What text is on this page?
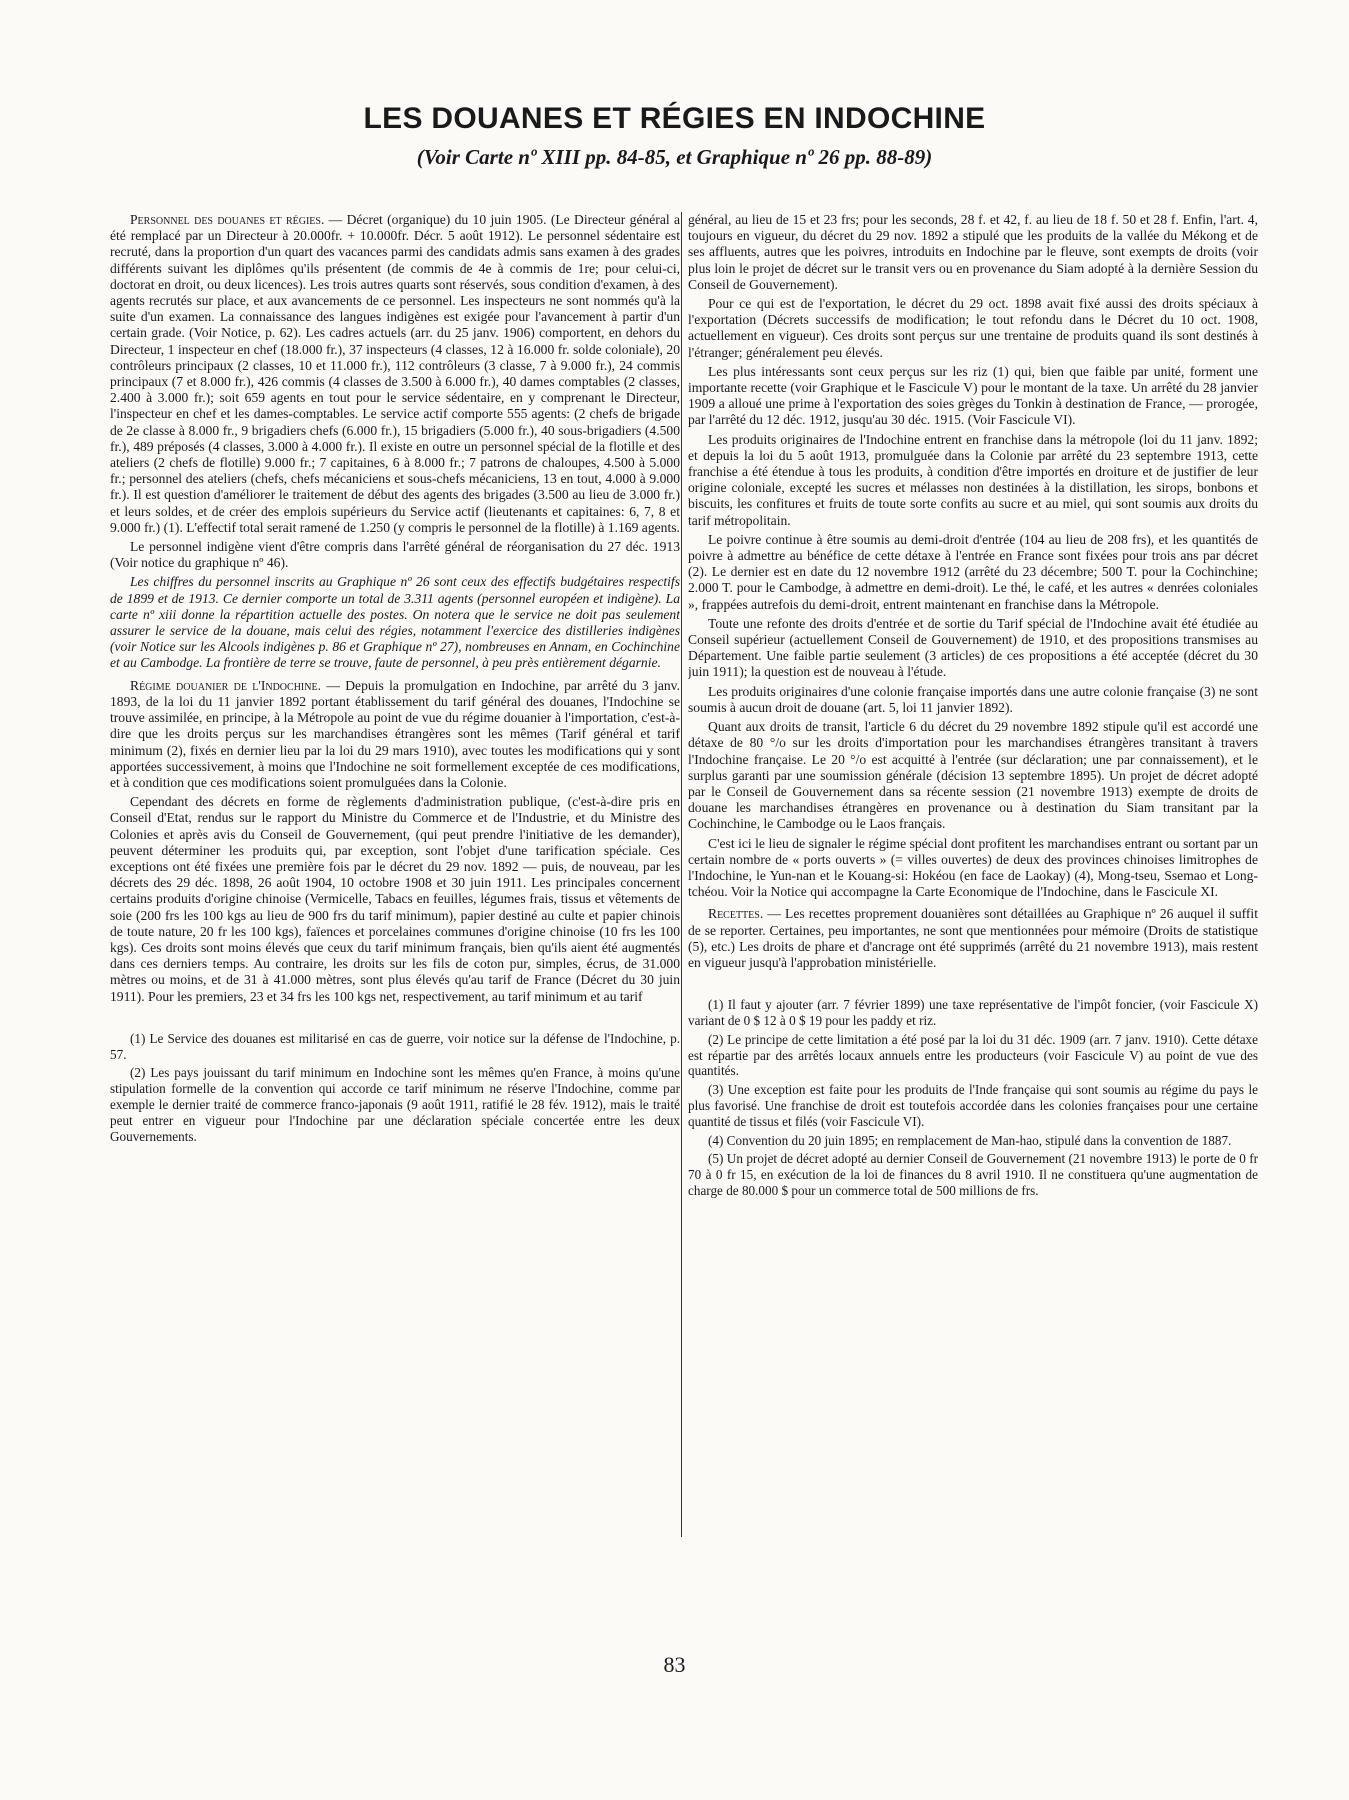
LES DOUANES ET RÉGIES EN INDOCHINE
(Voir Carte nº XIII pp. 84-85, et Graphique nº 26 pp. 88-89)

Personnel des douanes et régies. — Décret (organique) du 10 juin 1905. (Le Directeur général a été remplacé par un Directeur à 20.000fr. + 10.000fr. Décr. 5 août 1912). Le personnel sédentaire est recruté, dans la proportion d'un quart des vacances parmi des candidats admis sans examen à des grades différents suivant les diplômes qu'ils présentent (de commis de 4e à commis de 1re; pour celui-ci, doctorat en droit, ou deux licences). Les trois autres quarts sont réservés, sous condition d'examen, à des agents recrutés sur place, et aux avancements de ce personnel. Les inspecteurs ne sont nommés qu'à la suite d'un examen. La connaissance des langues indigènes est exigée pour l'avancement à partir d'un certain grade. (Voir Notice, p. 62). Les cadres actuels (arr. du 25 janv. 1906) comportent, en dehors du Directeur, 1 inspecteur en chef (18.000 fr.), 37 inspecteurs (4 classes, 12 à 16.000 fr. solde coloniale), 20 contrôleurs principaux (2 classes, 10 et 11.000 fr.), 112 contrôleurs (3 classe, 7 à 9.000 fr.), 24 commis principaux (7 et 8.000 fr.), 426 commis (4 classes de 3.500 à 6.000 fr.), 40 dames comptables (2 classes, 2.400 à 3.000 fr.); soit 659 agents en tout pour le service sédentaire, en y comprenant le Directeur, l'inspecteur en chef et les dames-comptables. Le service actif comporte 555 agents: (2 chefs de brigade de 2e classe à 8.000 fr., 9 brigadiers chefs (6.000 fr.), 15 brigadiers (5.000 fr.), 40 sous-brigadiers (4.500 fr.), 489 préposés (4 classes, 3.000 à 4.000 fr.). Il existe en outre un personnel spécial de la flotille et des ateliers (2 chefs de flotille) 9.000 fr.; 7 capitaines, 6 à 8.000 fr.; 7 patrons de chaloupes, 4.500 à 5.000 fr.; personnel des ateliers (chefs, chefs mécaniciens et sous-chefs mécaniciens, 13 en tout, 4.000 à 9.000 fr.). Il est question d'améliorer le traitement de début des agents des brigades (3.500 au lieu de 3.000 fr.) et leurs soldes, et de créer des emplois supérieurs du Service actif (lieutenants et capitaines: 6, 7, 8 et 9.000 fr.) (1). L'effectif total serait ramené de 1.250 (y compris le personnel de la flotille) à 1.169 agents.

Le personnel indigène vient d'être compris dans l'arrêté général de réorganisation du 27 déc. 1913 (Voir notice du graphique nº 46).

Les chiffres du personnel inscrits au Graphique nº 26 sont ceux des effectifs budgétaires respectifs de 1899 et de 1913. Ce dernier comporte un total de 3.311 agents (personnel européen et indigène). La carte nº xiii donne la répartition actuelle des postes. On notera que le service ne doit pas seulement assurer le service de la douane, mais celui des régies, notamment l'exercice des distilleries indigènes (voir Notice sur les Alcools indigènes p. 86 et Graphique nº 27), nombreuses en Annam, en Cochinchine et au Cambodge. La frontière de terre se trouve, faute de personnel, à peu près entièrement dégarnie.

Régime douanier de l'Indochine. — Depuis la promulgation en Indochine, par arrêté du 3 janv. 1893, de la loi du 11 janvier 1892 portant établissement du tarif général des douanes, l'Indochine se trouve assimilée, en principe, à la Métropole au point de vue du régime douanier à l'importation, c'est-à-dire que les droits perçus sur les marchandises étrangères sont les mêmes (Tarif général et tarif minimum (2), fixés en dernier lieu par la loi du 29 mars 1910), avec toutes les modifications qui y sont apportées successivement, à moins que l'Indochine ne soit formellement exceptée de ces modifications, et à condition que ces modifications soient promulguées dans la Colonie.

Cependant des décrets en forme de règlements d'administration publique, (c'est-à-dire pris en Conseil d'Etat, rendus sur le rapport du Ministre du Commerce et de l'Industrie, et du Ministre des Colonies et après avis du Conseil de Gouvernement, (qui peut prendre l'initiative de les demander), peuvent déterminer les produits qui, par exception, sont l'objet d'une tarification spéciale. Ces exceptions ont été fixées une première fois par le décret du 29 nov. 1892 — puis, de nouveau, par les décrets des 29 déc. 1898, 26 août 1904, 10 octobre 1908 et 30 juin 1911. Les principales concernent certains produits d'origine chinoise (Vermicelle, Tabacs en feuilles, légumes frais, tissus et vêtements de soie (200 frs les 100 kgs au lieu de 900 frs du tarif minimum), papier destiné au culte et papier chinois de toute nature, 20 fr les 100 kgs), faïences et porcelaines communes d'origine chinoise (10 frs les 100 kgs). Ces droits sont moins élevés que ceux du tarif minimum français, bien qu'ils aient été augmentés dans ces derniers temps. Au contraire, les droits sur les fils de coton pur, simples, écrus, de 31.000 mètres ou moins, et de 31 à 41.000 mètres, sont plus élevés qu'au tarif de France (Décret du 30 juin 1911). Pour les premiers, 23 et 34 frs les 100 kgs net, respectivement, au tarif minimum et au tarif

(1) Le Service des douanes est militarisé en cas de guerre, voir notice sur la défense de l'Indochine, p. 57.

(2) Les pays jouissant du tarif minimum en Indochine sont les mêmes qu'en France, à moins qu'une stipulation formelle de la convention qui accorde ce tarif minimum ne réserve l'Indochine, comme par exemple le dernier traité de commerce franco-japonais (9 août 1911, ratifié le 28 fév. 1912), mais le traité peut entrer en vigueur pour l'Indochine par une déclaration spéciale concertée entre les deux Gouvernements.

général, au lieu de 15 et 23 frs; pour les seconds, 28 f. et 42, f. au lieu de 18 f. 50 et 28 f. Enfin, l'art. 4, toujours en vigueur, du décret du 29 nov. 1892 a stipulé que les produits de la vallée du Mékong et de ses affluents, autres que les poivres, introduits en Indochine par le fleuve, sont exempts de droits (voir plus loin le projet de décret sur le transit vers ou en provenance du Siam adopté à la dernière Session du Conseil de Gouvernement).

Pour ce qui est de l'exportation, le décret du 29 oct. 1898 avait fixé aussi des droits spéciaux à l'exportation (Décrets successifs de modification; le tout refondu dans le Décret du 10 oct. 1908, actuellement en vigueur). Ces droits sont perçus sur une trentaine de produits quand ils sont destinés à l'étranger; généralement peu élevés.

Les plus intéressants sont ceux perçus sur les riz (1) qui, bien que faible par unité, forment une importante recette (voir Graphique et le Fascicule V) pour le montant de la taxe. Un arrêté du 28 janvier 1909 a alloué une prime à l'exportation des soies grèges du Tonkin à destination de France, — prorogée, par l'arrêté du 12 déc. 1912, jusqu'au 30 déc. 1915. (Voir Fascicule VI).

Les produits originaires de l'Indochine entrent en franchise dans la métropole (loi du 11 janv. 1892; et depuis la loi du 5 août 1913, promulguée dans la Colonie par arrêté du 23 septembre 1913, cette franchise a été étendue à tous les produits, à condition d'être importés en droiture et de justifier de leur origine coloniale, excepté les sucres et mélasses non destinées à la distillation, les sirops, bonbons et biscuits, les confitures et fruits de toute sorte confits au sucre et au miel, qui sont soumis aux droits du tarif métropolitain.

Le poivre continue à être soumis au demi-droit d'entrée (104 au lieu de 208 frs), et les quantités de poivre à admettre au bénéfice de cette détaxe à l'entrée en France sont fixées pour trois ans par décret (2). Le dernier est en date du 12 novembre 1912 (arrêté du 23 décembre; 500 T. pour la Cochinchine; 2.000 T. pour le Cambodge, à admettre en demi-droit). Le thé, le café, et les autres « denrées coloniales », frappées autrefois du demi-droit, entrent maintenant en franchise dans la Métropole.

Toute une refonte des droits d'entrée et de sortie du Tarif spécial de l'Indochine avait été étudiée au Conseil supérieur (actuellement Conseil de Gouvernement) de 1910, et des propositions transmises au Département. Une faible partie seulement (3 articles) de ces propositions a été acceptée (décret du 30 juin 1911); la question est de nouveau à l'étude.

Les produits originaires d'une colonie française importés dans une autre colonie française (3) ne sont soumis à aucun droit de douane (art. 5, loi 11 janvier 1892).

Quant aux droits de transit, l'article 6 du décret du 29 novembre 1892 stipule qu'il est accordé une détaxe de 80 °/o sur les droits d'importation pour les marchandises étrangères transitant à travers l'Indochine française. Le 20 °/o est acquitté à l'entrée (sur déclaration; une par connaissement), et le surplus garanti par une soumission générale (décision 13 septembre 1895). Un projet de décret adopté par le Conseil de Gouvernement dans sa récente session (21 novembre 1913) exempte de droits de douane les marchandises étrangères en provenance ou à destination du Siam transitant par la Cochinchine, le Cambodge ou le Laos français.

C'est ici le lieu de signaler le régime spécial dont profitent les marchandises entrant ou sortant par un certain nombre de « ports ouverts » (= villes ouvertes) de deux des provinces chinoises limitrophes de l'Indochine, le Yun-nan et le Kouang-si: Hokéou (en face de Laokay) (4), Mong-tseu, Ssemao et Long-tchéou. Voir la Notice qui accompagne la Carte Economique de l'Indochine, dans le Fascicule XI.

Recettes. — Les recettes proprement douanières sont détaillées au Graphique nº 26 auquel il suffit de se reporter. Certaines, peu importantes, ne sont que mentionnées pour mémoire (Droits de statistique (5), etc.) Les droits de phare et d'ancrage ont été supprimés (arrêté du 21 novembre 1913), mais restent en vigueur jusqu'à l'approbation ministérielle.

(1) Il faut y ajouter (arr. 7 février 1899) une taxe représentative de l'impôt foncier, (voir Fascicule X) variant de 0 $ 12 à 0 $ 19 pour les paddy et riz.

(2) Le principe de cette limitation a été posé par la loi du 31 déc. 1909 (arr. 7 janv. 1910). Cette détaxe est répartie par des arrêtés locaux annuels entre les producteurs (voir Fascicule V) au point de vue des quantités.

(3) Une exception est faite pour les produits de l'Inde française qui sont soumis au régime du pays le plus favorisé. Une franchise de droit est toutefois accordée dans les colonies françaises pour une certaine quantité de tissus et filés (voir Fascicule VI).

(4) Convention du 20 juin 1895; en remplacement de Man-hao, stipulé dans la convention de 1887.

(5) Un projet de décret adopté au dernier Conseil de Gouvernement (21 novembre 1913) le porte de 0 fr 70 à 0 fr 15, en exécution de la loi de finances du 8 avril 1910. Il ne constituera qu'une augmentation de charge de 80.000 $ pour un commerce total de 500 millions de frs.

83
